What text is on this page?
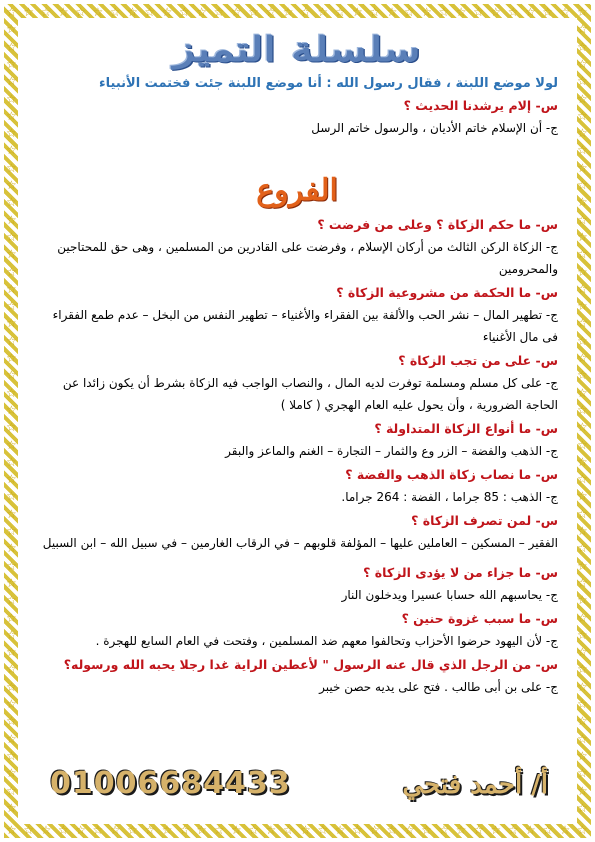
☆
☆
☆
☆
☆
☆
☆
☆
☆
☆
☆
☆
☆
☆
☆
☆
☆
☆
☆
☆
☆
☆
☆
☆
☆
☆
☆
☆
☆
☆
☆
☆
☆
☆
☆
☆
☆
☆
☆
☆
☆
☆
☆
☆
☆
☆
☆
☆
☆
☆
☆
☆
☆
☆
☆
☆
☆
☆
☆
☆
☆
☆
☆
☆
☆
☆
☆
☆
☆	☆
☆	☆
☆	☆
☆	☆
☆	☆
☆	☆
☆	☆
☆	☆
☆	☆
☆	☆
☆	☆
☆	☆
☆	☆
☆	☆
☆	☆
☆	☆
☆	☆
☆	☆
☆	☆
☆	☆
☆	☆
☆	☆
☆	☆
☆	☆
☆	☆
☆	☆
☆	☆
☆	☆
☆	☆
☆	☆
☆	☆
☆	☆
☆	☆
☆	☆
☆	☆
☆	☆
☆	☆
☆	☆
☆	☆
☆	☆
☆	☆
☆	☆
☆	☆
☆	☆
☆	☆
☆	☆
سلسلة التميز
لولا موضع اللبنة ، فقال رسول الله : أنا موضع اللبنة جئت فختمت الأنبياء
س- إلام يرشدنا الحديث ؟
ج- أن الإسلام خاتم الأديان ، والرسول خاتم الرسل
الفروع
س- ما حكم الزكاة ؟ وعلى من فرضت ؟
ج- الزكاة الركن الثالث من أركان الإسلام ، وفرضت على القادرين من المسلمين ، وهى حق للمحتاجين والمحرومين
س- ما الحكمة من مشروعية الزكاة ؟
ج- تطهير المال – نشر الحب والألفة بين الفقراء والأغنياء – تطهير النفس من البخل – عدم طمع الفقراء فى مال الأغنياء
س- على من تجب الزكاة ؟
ج- على كل مسلم ومسلمة توفرت لديه المال ، والنصاب الواجب فيه الزكاة بشرط أن يكون زائدا عن الحاجة الضرورية ، وأن يحول عليه العام الهجري ( كاملا )
س- ما أنواع الزكاة المتداولة ؟
ج- الذهب والفضة – الزر وع والثمار – التجارة – الغنم والماعز والبقر
س- ما نصاب زكاة الذهب والفضة ؟
ج- الذهب : 85 جراما ، الفضة : 264 جراما.
س- لمن تصرف الزكاة ؟
الفقير – المسكين – العاملين عليها – المؤلفة قلوبهم – في الرقاب الغارمين – في سبيل الله – ابن السبيل
س- ما جزاء من لا يؤدى الزكاة ؟
ج- يحاسبهم الله حسابا عسيرا ويدخلون النار
س- ما سبب غزوة حنين ؟
ج- لأن اليهود حرضوا الأحزاب وتحالفوا معهم ضد المسلمين ، وفتحت في العام السابع للهجرة .
س- من الرجل الذي قال عنه الرسول " لأعطين الراية غدا رجلا يحبه الله ورسوله؟
ج- على بن أبى طالب . فتح على يديه حصن خيبر
01006684433	أ/ أحمد فتحي
